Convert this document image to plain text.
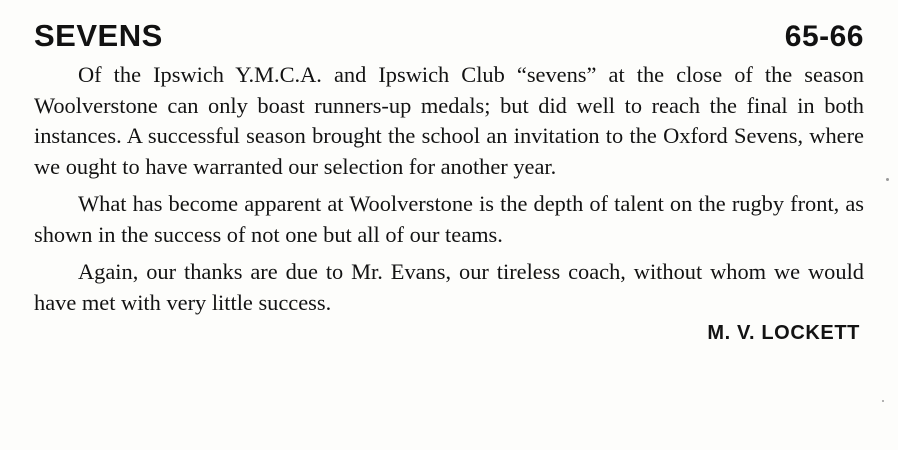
SEVENS	65-66

Of the Ipswich Y.M.C.A. and Ipswich Club “sevens” at the close of the season Woolverstone can only boast runners-up medals; but did well to reach the final in both instances. A successful season brought the school an invitation to the Oxford Sevens, where we ought to have warranted our selection for another year.

What has become apparent at Woolverstone is the depth of talent on the rugby front, as shown in the success of not one but all of our teams.

Again, our thanks are due to Mr. Evans, our tireless coach, without whom we would have met with very little success.

M. V. LOCKETT
